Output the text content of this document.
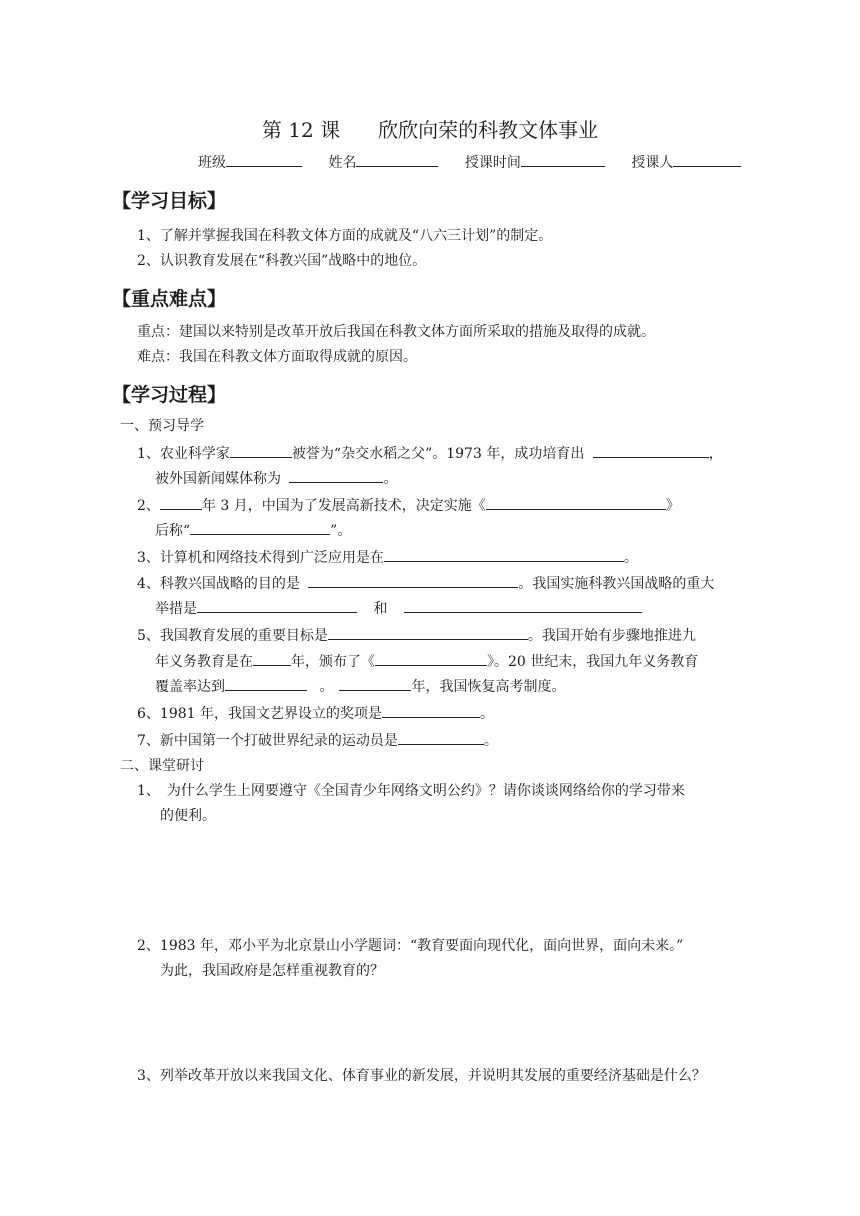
第 12 课 欣欣向荣的科教文体事业
班级	姓名	授课时间	授课人
【学习目标】
1、了解并掌握我国在科教文体方面的成就及“八六三计划”的制定。
2、认识教育发展在“科教兴国”战略中的地位。
【重点难点】
重点：建国以来特别是改革开放后我国在科教文体方面所采取的措施及取得的成就。
难点：我国在科教文体方面取得成就的原因。
【学习过程】
一、预习导学
1、农业科学家	被誉为“杂交水稻之父”。1973 年，成功培育出	，
被外国新闻媒体称为	。
2、	年 3 月，中国为了发展高新技术，决定实施《	》
后称“	”。
3、计算机和网络技术得到广泛应用是在	。
4、科教兴国战略的目的是	。我国实施科教兴国战略的重大
举措是	和
5、我国教育发展的重要目标是	。我国开始有步骤地推进九
年义务教育是在	年，颁布了《	》。20 世纪末，我国九年义务教育
覆盖率达到	。	年，我国恢复高考制度。
6、1981 年，我国文艺界设立的奖项是	。
7、新中国第一个打破世界纪录的运动员是	。
二、课堂研讨
1、　为什么学生上网要遵守《全国青少年网络文明公约》？请你谈谈网络给你的学习带来
的便利。
2、1983 年，邓小平为北京景山小学题词：“教育要面向现代化，面向世界，面向未来。”
为此，我国政府是怎样重视教育的？
3、列举改革开放以来我国文化、体育事业的新发展，并说明其发展的重要经济基础是什么？
